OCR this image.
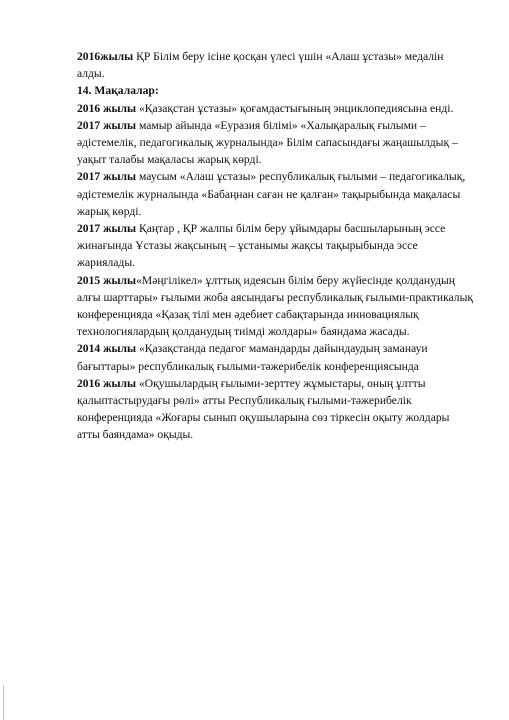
2016жылы ҚР Білім беру ісіне қосқан үлесі үшін «Алаш ұстазы» медалін алды.

14. Мақалалар:

2016 жылы «Қазақстан ұстазы» қоғамдастығының энциклопедиясына енді.

2017 жылы мамыр айында «Еуразия білімі» «Халықаралық ғылыми – әдістемелік, педагогикалық журналында» Білім сапасындағы жаңашылдық –уақыт талабы мақаласы жарық көрді.

2017 жылы маусым «Алаш ұстазы» республикалық ғылыми – педагогикалық, әдістемелік журналында «Бабаңнан саған не қалған» тақырыбында мақаласы жарық көрді.

2017 жылы Қаңтар , ҚР жалпы білім беру ұйымдары басшыларының эссе жинағында Ұстазы жақсының – ұстанымы жақсы тақырыбында эссе жариялады.

2015 жылы«Мәңгілікел» ұлттық идеясын білім беру жүйесінде қолданудың алғы шарттары» ғылыми жоба аясындағы республикалық ғылыми-практикалық конференцияда «Қазақ тілі мен әдебиет сабақтарында инновациялық технологиялардың қолданудың тиімді жолдары» баяндама жасады.

2014 жылы «Қазақстанда педагог мамандарды дайындаудың заманауи бағыттары» республикалық ғылыми-тәжерибелік конференциясында

2016 жылы «Оқушылардың ғылыми-зерттеу жұмыстары, оның ұлтты қалыптастырудағы рөлі» атты Республикалық ғылыми-тәжерибелік конференцияда «Жоғары сынып оқушыларына сөз тіркесін оқыту жолдары атты баяндама» оқыды.
